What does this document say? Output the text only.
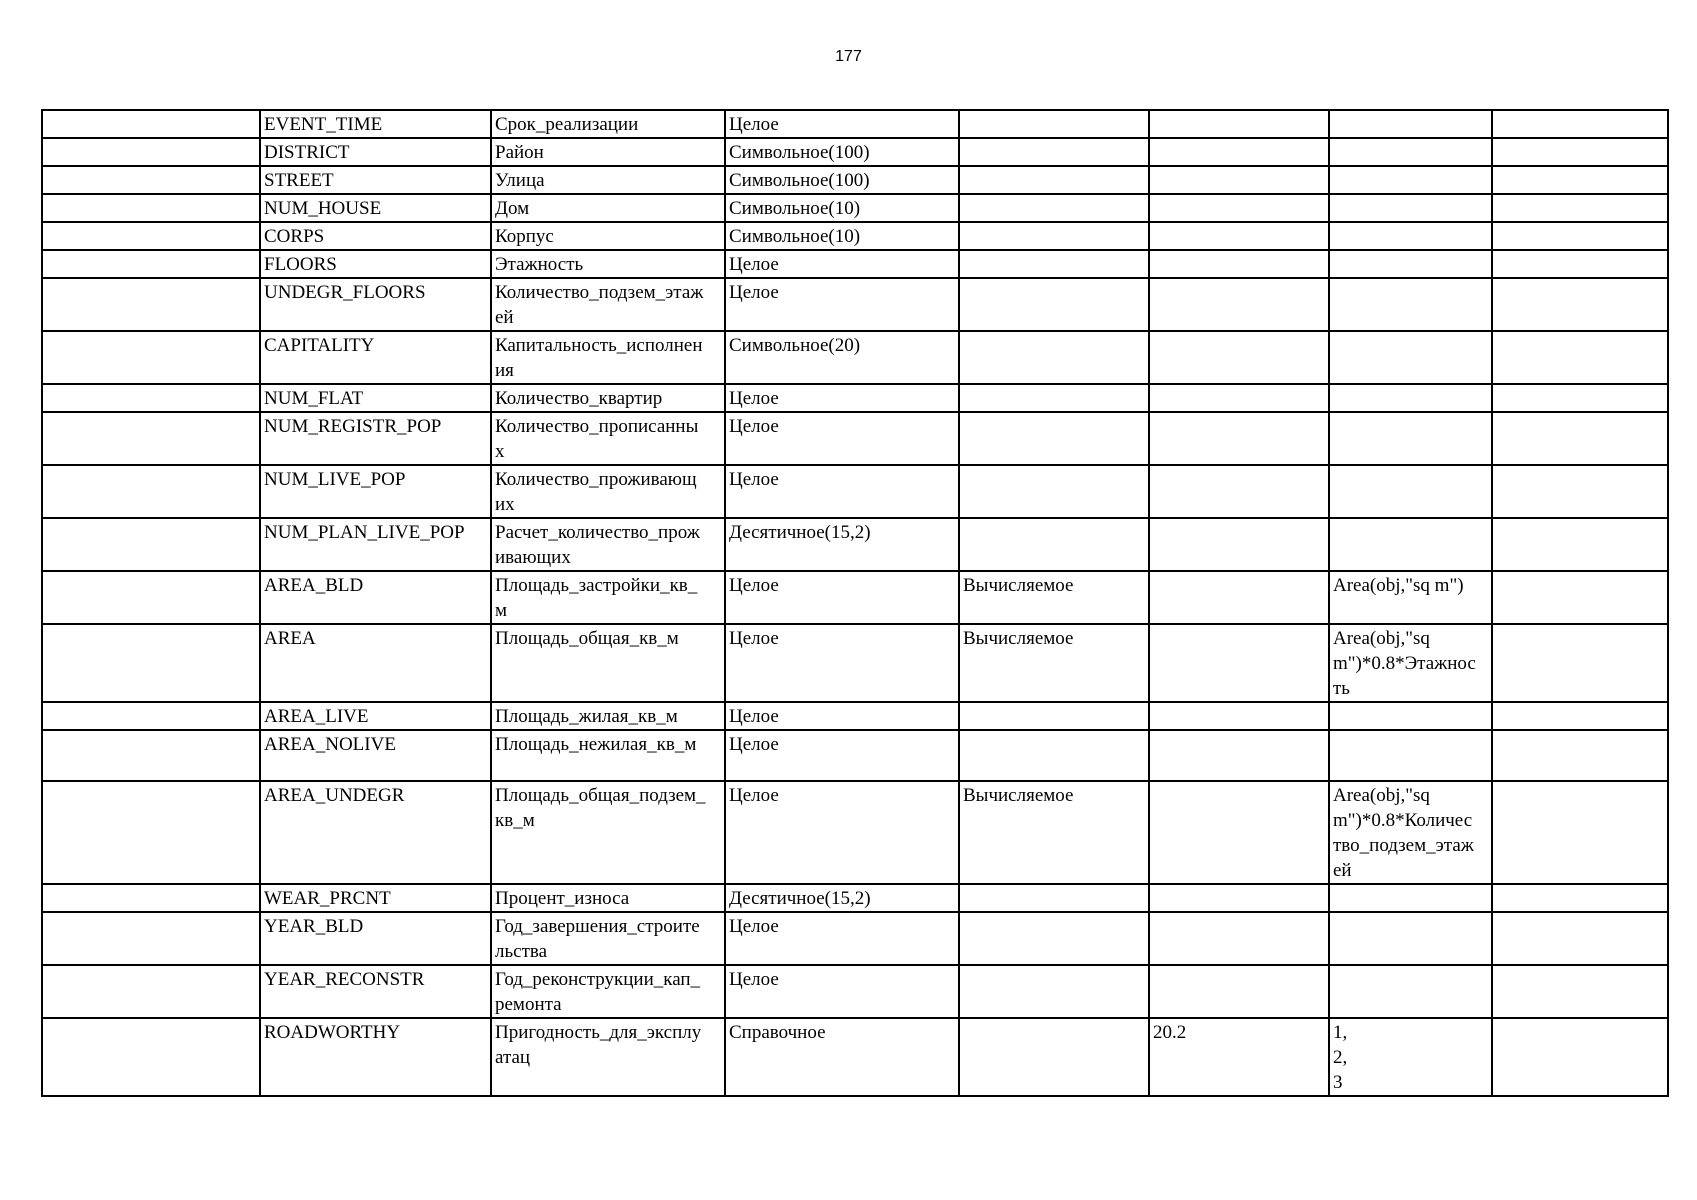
177
	EVENT_TIME	Срок_реализации	Целое				
	DISTRICT	Район	Символьное(100)				
	STREET	Улица	Символьное(100)				
	NUM_HOUSE	Дом	Символьное(10)				
	CORPS	Корпус	Символьное(10)				
	FLOORS	Этажность	Целое				
	UNDEGR_FLOORS	Количество_подзем_этаж
ей	Целое				
	CAPITALITY	Капитальность_исполнен
ия	Символьное(20)				
	NUM_FLAT	Количество_квартир	Целое				
	NUM_REGISTR_POP	Количество_прописанны
х	Целое				
	NUM_LIVE_POP	Количество_проживающ
их	Целое				
	NUM_PLAN_LIVE_POP	Расчет_количество_прож
ивающих	Десятичное(15,2)				
	AREA_BLD	Площадь_застройки_кв_
м	Целое	Вычисляемое		Area(obj,"sq m")	
	AREA	Площадь_общая_кв_м	Целое	Вычисляемое		Area(obj,"sq
m")*0.8*Этажнос
ть	
	AREA_LIVE	Площадь_жилая_кв_м	Целое				
	AREA_NOLIVE	Площадь_нежилая_кв_м	Целое				
	AREA_UNDEGR	Площадь_общая_подзем_
кв_м	Целое	Вычисляемое		Area(obj,"sq
m")*0.8*Количес
тво_подзем_этаж
ей	
	WEAR_PRCNT	Процент_износа	Десятичное(15,2)				
	YEAR_BLD	Год_завершения_строите
льства	Целое				
	YEAR_RECONSTR	Год_реконструкции_кап_
ремонта	Целое				
	ROADWORTHY	Пригодность_для_эксплу
атац	Справочное		20.2	1,
2,
3	
